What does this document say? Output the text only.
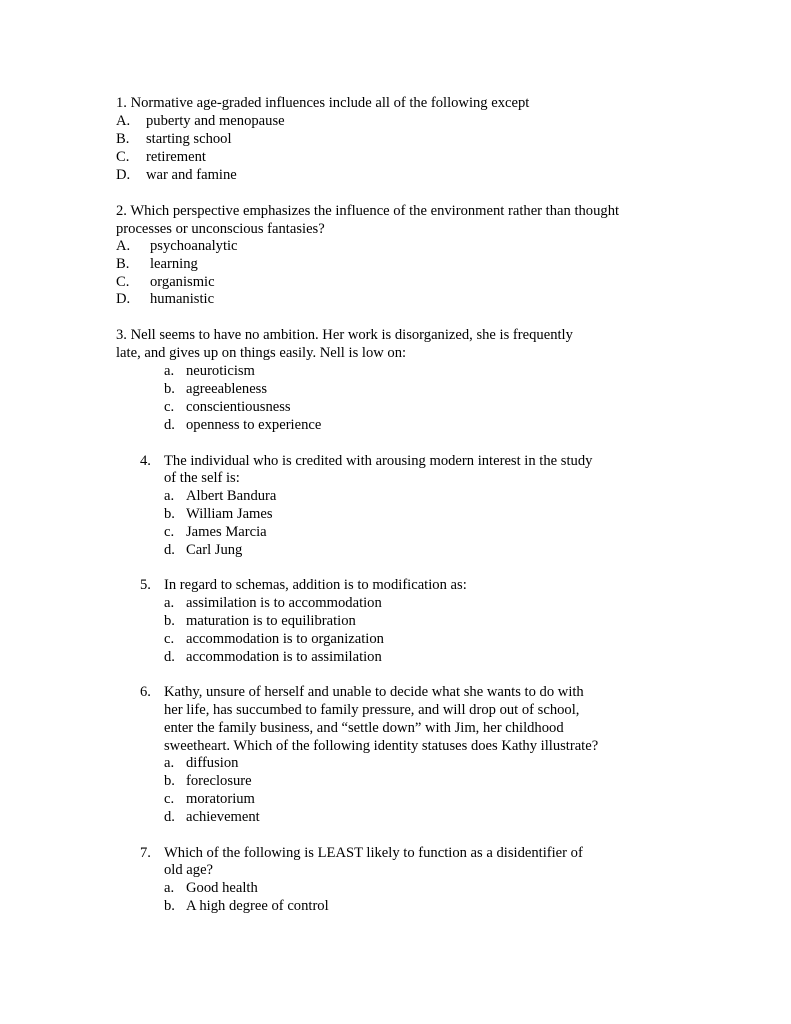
1. Normative age-graded influences include all of the following except
A. puberty and menopause
B. starting school
C. retirement
D. war and famine
2. Which perspective emphasizes the influence of the environment rather than thought
processes or unconscious fantasies?
A. psychoanalytic
B. learning
C. organismic
D. humanistic
3. Nell seems to have no ambition. Her work is disorganized, she is frequently
late, and gives up on things easily. Nell is low on:
a. neuroticism
b. agreeableness
c. conscientiousness
d. openness to experience
4. The individual who is credited with arousing modern interest in the study
of the self is:
a. Albert Bandura
b. William James
c. James Marcia
d. Carl Jung
5. In regard to schemas, addition is to modification as:
a. assimilation is to accommodation
b. maturation is to equilibration
c. accommodation is to organization
d. accommodation is to assimilation
6. Kathy, unsure of herself and unable to decide what she wants to do with
her life, has succumbed to family pressure, and will drop out of school,
enter the family business, and “settle down” with Jim, her childhood
sweetheart. Which of the following identity statuses does Kathy illustrate?
a. diffusion
b. foreclosure
c. moratorium
d. achievement
7. Which of the following is LEAST likely to function as a disidentifier of
old age?
a. Good health
b. A high degree of control
